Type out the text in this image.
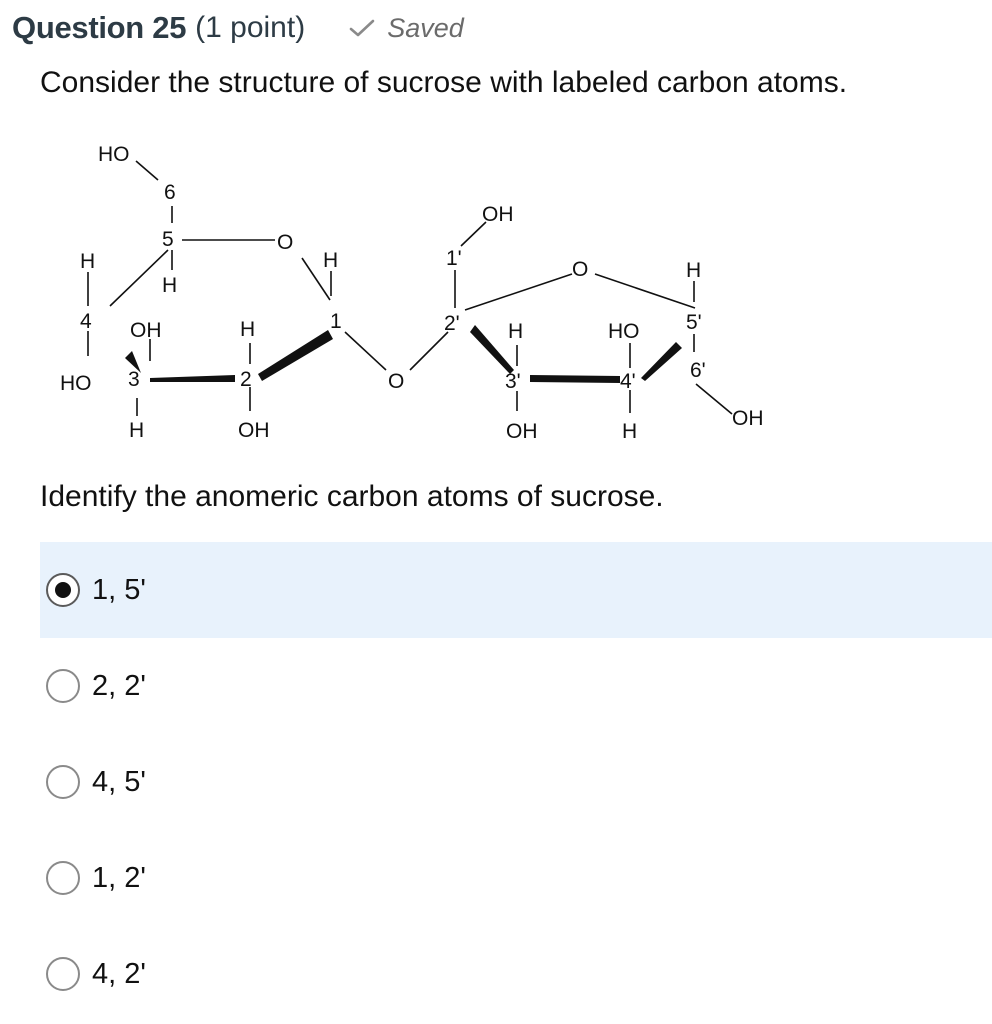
Question 25 (1 point)	Saved
Consider the structure of sucrose with labeled carbon atoms.
HO
6
5
H
H
4
HO
OH
3
H
O
H
2
OH
H
1
O
OH
1'
2'
O
H
3'
OH
HO
4'
H
H
5'
6'
OH
Identify the anomeric carbon atoms of sucrose.
1, 5'
2, 2'
4, 5'
1, 2'
4, 2'
